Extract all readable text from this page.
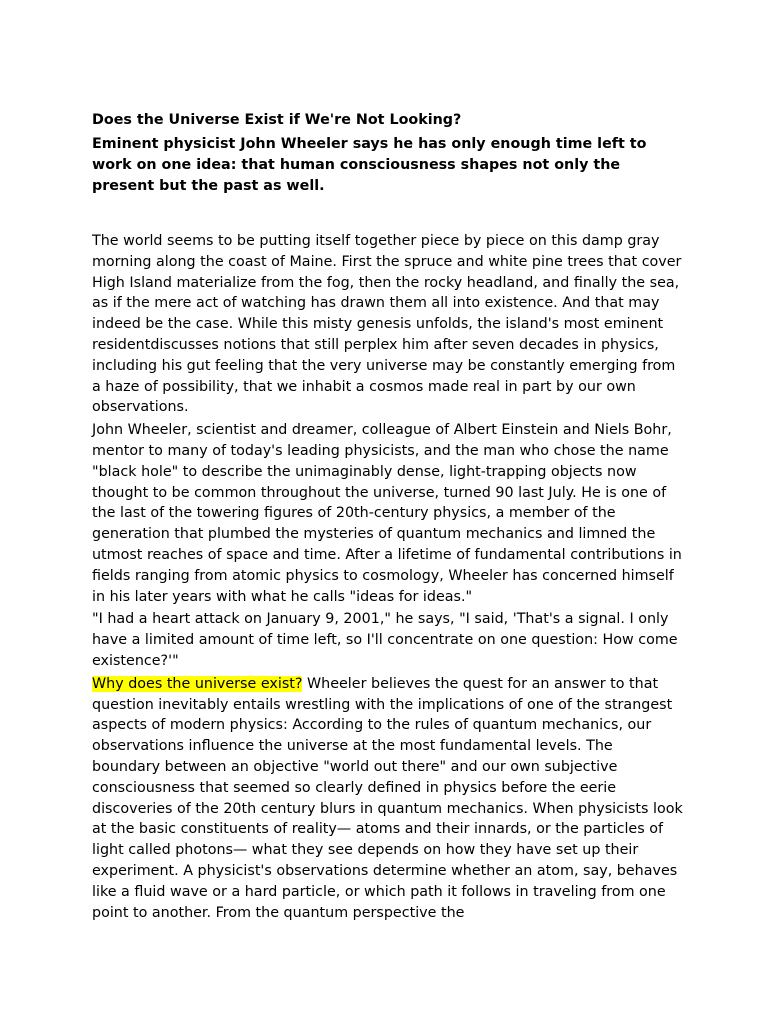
Does the Universe Exist if We're Not Looking?

Eminent physicist John Wheeler says he has only enough time left to work on one idea: that human consciousness shapes not only the present but the past as well.

The world seems to be putting itself together piece by piece on this damp gray morning along the coast of Maine. First the spruce and white pine trees that cover High Island materialize from the fog, then the rocky headland, and finally the sea, as if the mere act of watching has drawn them all into existence. And that may indeed be the case. While this misty genesis unfolds, the island's most eminent residentdiscusses notions that still perplex him after seven decades in physics, including his gut feeling that the very universe may be constantly emerging from a haze of possibility, that we inhabit a cosmos made real in part by our own observations.

John Wheeler, scientist and dreamer, colleague of Albert Einstein and Niels Bohr, mentor to many of today's leading physicists, and the man who chose the name "black hole" to describe the unimaginably dense, light-trapping objects now thought to be common throughout the universe, turned 90 last July. He is one of the last of the towering figures of 20th-century physics, a member of the generation that plumbed the mysteries of quantum mechanics and limned the utmost reaches of space and time. After a lifetime of fundamental contributions in fields ranging from atomic physics to cosmology, Wheeler has concerned himself in his later years with what he calls "ideas for ideas."

"I had a heart attack on January 9, 2001," he says, "I said, 'That's a signal. I only have a limited amount of time left, so I'll concentrate on one question: How come existence?'"

Why does the universe exist? Wheeler believes the quest for an answer to that question inevitably entails wrestling with the implications of one of the strangest aspects of modern physics: According to the rules of quantum mechanics, our observations influence the universe at the most fundamental levels. The boundary between an objective "world out there" and our own subjective consciousness that seemed so clearly defined in physics before the eerie discoveries of the 20th century blurs in quantum mechanics. When physicists look at the basic constituents of reality— atoms and their innards, or the particles of light called photons— what they see depends on how they have set up their experiment. A physicist's observations determine whether an atom, say, behaves like a fluid wave or a hard particle, or which path it follows in traveling from one point to another. From the quantum perspective the
